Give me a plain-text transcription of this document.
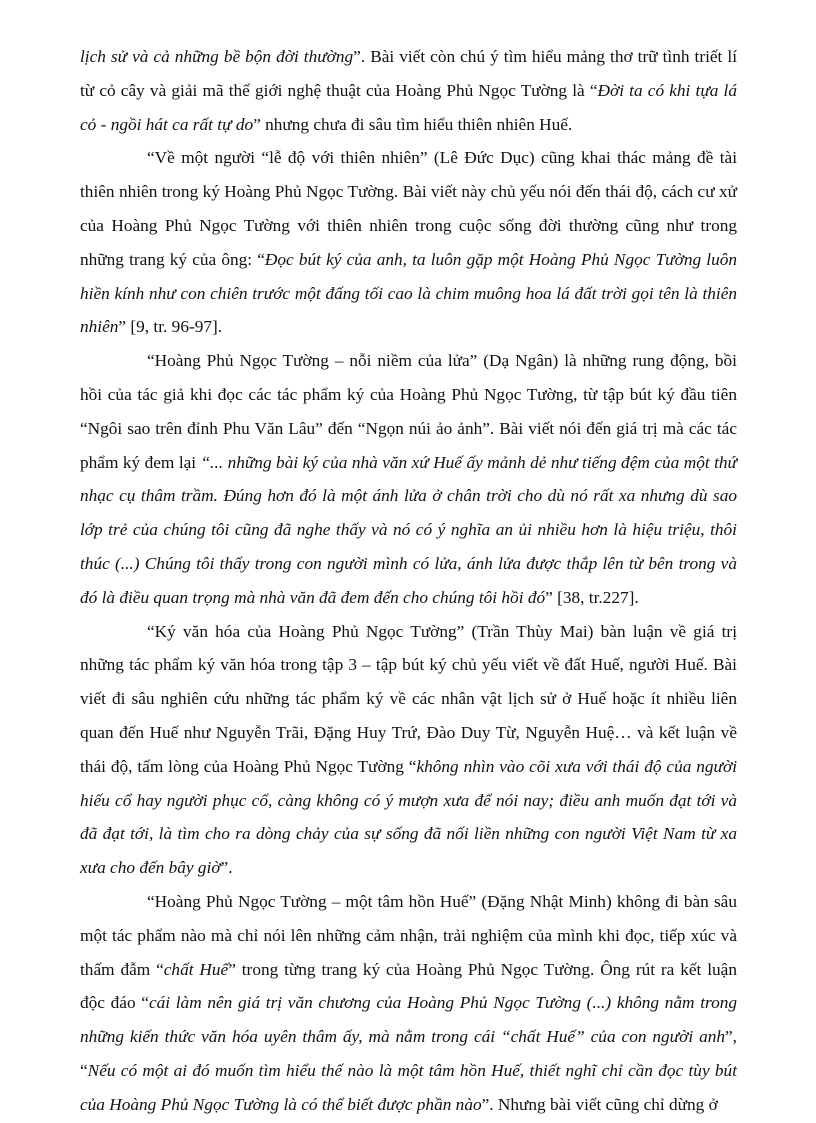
lịch sử và cả những bề bộn đời thường”. Bài viết còn chú ý tìm hiểu mảng thơ trữ tình triết lí từ cỏ cây và giải mã thế giới nghệ thuật của Hoàng Phủ Ngọc Tường là “Đời ta có khi tựa lá cỏ - ngồi hát ca rất tự do” nhưng chưa đi sâu tìm hiểu thiên nhiên Huế.

“Về một người “lễ độ với thiên nhiên” (Lê Đức Dục) cũng khai thác mảng đề tài thiên nhiên trong ký Hoàng Phủ Ngọc Tường. Bài viết này chủ yếu nói đến thái độ, cách cư xử của Hoàng Phủ Ngọc Tường với thiên nhiên trong cuộc sống đời thường cũng như trong những trang ký của ông: “Đọc bút ký của anh, ta luôn gặp một Hoàng Phủ Ngọc Tường luôn hiền kính như con chiên trước một đấng tối cao là chim muông hoa lá đất trời gọi tên là thiên nhiên” [9, tr. 96-97].

“Hoàng Phủ Ngọc Tường – nỗi niềm của lửa” (Dạ Ngân) là những rung động, bồi hồi của tác giả khi đọc các tác phẩm ký của Hoàng Phủ Ngọc Tường, từ tập bút ký đầu tiên “Ngôi sao trên đỉnh Phu Văn Lâu” đến “Ngọn núi ảo ảnh”. Bài viết nói đến giá trị mà các tác phẩm ký đem lại “... những bài ký của nhà văn xứ Huế ấy mảnh dẻ như tiếng đệm của một thứ nhạc cụ thâm trầm. Đúng hơn đó là một ánh lửa ở chân trời cho dù nó rất xa nhưng dù sao lớp trẻ của chúng tôi cũng đã nghe thấy và nó có ý nghĩa an ủi nhiều hơn là hiệu triệu, thôi thúc (...) Chúng tôi thấy trong con người mình có lửa, ánh lửa được thắp lên từ bên trong và đó là điều quan trọng mà nhà văn đã đem đến cho chúng tôi hồi đó” [38, tr.227].

“Ký văn hóa của Hoàng Phủ Ngọc Tường” (Trần Thùy Mai) bàn luận về giá trị những tác phẩm ký văn hóa trong tập 3 – tập bút ký chủ yếu viết về đất Huế, người Huế. Bài viết đi sâu nghiên cứu những tác phẩm ký về các nhân vật lịch sử ở Huế hoặc ít nhiều liên quan đến Huế như Nguyễn Trãi, Đặng Huy Trứ, Đào Duy Từ, Nguyễn Huệ… và kết luận về thái độ, tấm lòng của Hoàng Phủ Ngọc Tường “không nhìn vào cõi xưa với thái độ của người hiếu cổ hay người phục cổ, càng không có ý mượn xưa để nói nay; điều anh muốn đạt tới và đã đạt tới, là tìm cho ra dòng chảy của sự sống đã nối liền những con người Việt Nam từ xa xưa cho đến bây giờ”.

“Hoàng Phủ Ngọc Tường – một tâm hồn Huế” (Đặng Nhật Minh) không đi bàn sâu một tác phẩm nào mà chỉ nói lên những cảm nhận, trải nghiệm của mình khi đọc, tiếp xúc và thấm đẫm “chất Huế” trong từng trang ký của Hoàng Phủ Ngọc Tường. Ông rút ra kết luận độc đáo “cái làm nên giá trị văn chương của Hoàng Phủ Ngọc Tường (...) không nằm trong những kiến thức văn hóa uyên thâm ấy, mà nằm trong cái “chất Huế” của con người anh”, “Nếu có một ai đó muốn tìm hiểu thế nào là một tâm hồn Huế, thiết nghĩ chỉ cần đọc tùy bút của Hoàng Phủ Ngọc Tường là có thể biết được phần nào”. Nhưng bài viết cũng chỉ dừng ở
